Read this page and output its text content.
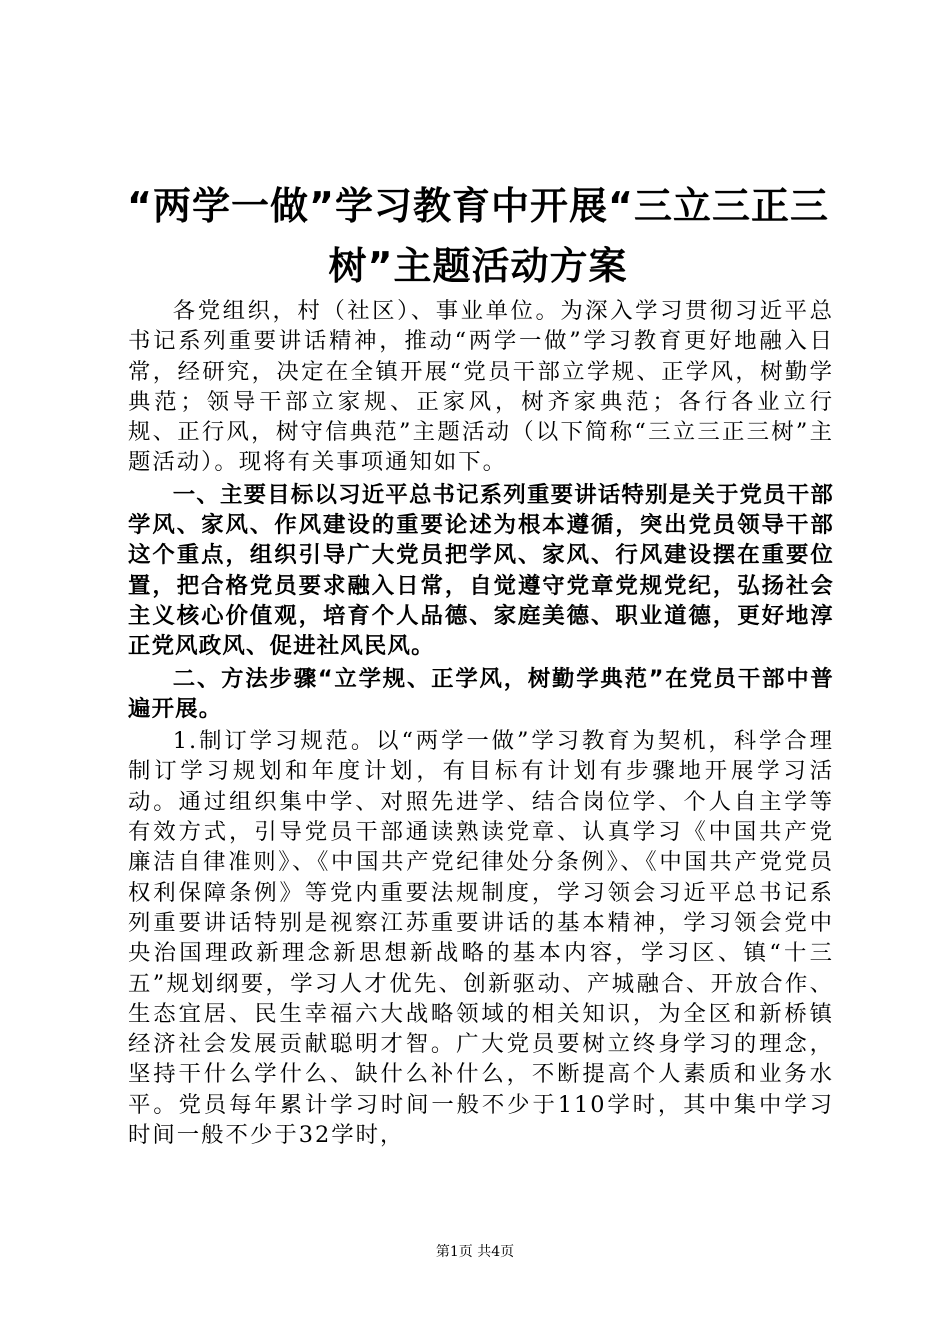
“两学一做”学习教育中开展“三立三正三树”主题活动方案

各党组织，村（社区）、事业单位。为深入学习贯彻习近平总书记系列重要讲话精神，推动“两学一做”学习教育更好地融入日常，经研究，决定在全镇开展“党员干部立学规、正学风，树勤学典范；领导干部立家规、正家风，树齐家典范；各行各业立行规、正行风，树守信典范”主题活动（以下简称“三立三正三树”主题活动）。现将有关事项通知如下。

一、主要目标以习近平总书记系列重要讲话特别是关于党员干部学风、家风、作风建设的重要论述为根本遵循，突出党员领导干部这个重点，组织引导广大党员把学风、家风、行风建设摆在重要位置，把合格党员要求融入日常，自觉遵守党章党规党纪，弘扬社会主义核心价值观，培育个人品德、家庭美德、职业道德，更好地淳正党风政风、促进社风民风。

二、方法步骤“立学规、正学风，树勤学典范”在党员干部中普遍开展。

1.制订学习规范。以“两学一做”学习教育为契机，科学合理制订学习规划和年度计划，有目标有计划有步骤地开展学习活动。通过组织集中学、对照先进学、结合岗位学、个人自主学等有效方式，引导党员干部通读熟读党章、认真学习《中国共产党廉洁自律准则》、《中国共产党纪律处分条例》、《中国共产党党员权利保障条例》等党内重要法规制度，学习领会习近平总书记系列重要讲话特别是视察江苏重要讲话的基本精神，学习领会党中央治国理政新理念新思想新战略的基本内容，学习区、镇“十三五”规划纲要，学习人才优先、创新驱动、产城融合、开放合作、生态宜居、民生幸福六大战略领域的相关知识，为全区和新桥镇经济社会发展贡献聪明才智。广大党员要树立终身学习的理念，坚持干什么学什么、缺什么补什么，不断提高个人素质和业务水平。党员每年累计学习时间一般不少于110学时，其中集中学习时间一般不少于32学时，

第1页 共4页
